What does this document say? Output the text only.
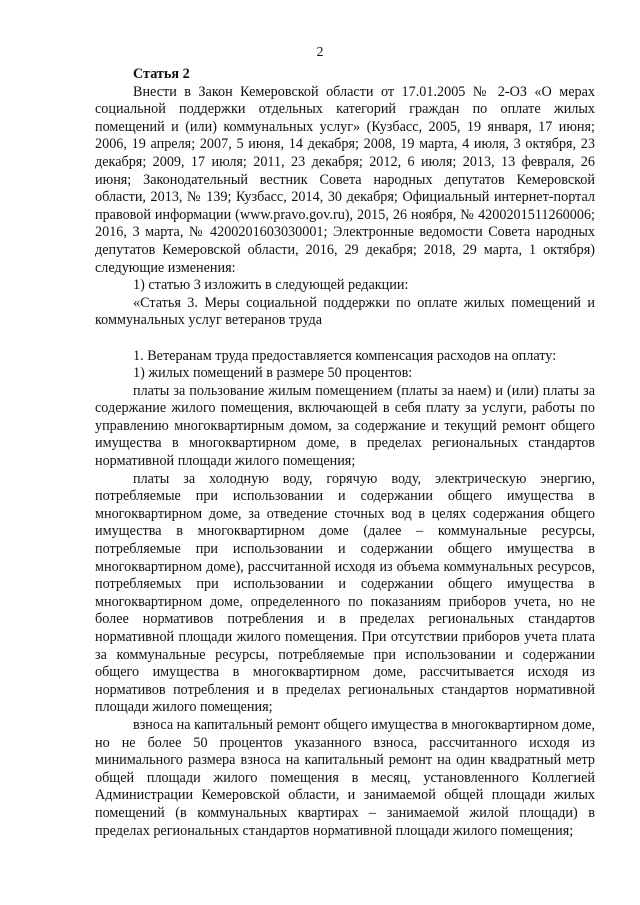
2
Статья 2

Внести в Закон Кемеровской области от 17.01.2005 № 2-ОЗ «О мерах социальной поддержки отдельных категорий граждан по оплате жилых помещений и (или) коммунальных услуг» (Кузбасс, 2005, 19 января, 17 июня; 2006, 19 апреля; 2007, 5 июня, 14 декабря; 2008, 19 марта, 4 июля, 3 октября, 23 декабря; 2009, 17 июля; 2011, 23 декабря; 2012, 6 июля; 2013, 13 февраля, 26 июня; Законодательный вестник Совета народных депутатов Кемеровской области, 2013, № 139; Кузбасс, 2014, 30 декабря; Официальный интернет-портал правовой информации (www.pravo.gov.ru), 2015, 26 ноября, № 4200201511260006; 2016, 3 марта, № 4200201603030001; Электронные ведомости Совета народных депутатов Кемеровской области, 2016, 29 декабря; 2018, 29 марта, 1 октября) следующие изменения:

1) статью 3 изложить в следующей редакции:

«Статья 3. Меры социальной поддержки по оплате жилых помещений и коммунальных услуг ветеранов труда

1. Ветеранам труда предоставляется компенсация расходов на оплату:

1) жилых помещений в размере 50 процентов:

платы за пользование жилым помещением (платы за наем) и (или) платы за содержание жилого помещения, включающей в себя плату за услуги, работы по управлению многоквартирным домом, за содержание и текущий ремонт общего имущества в многоквартирном доме, в пределах региональных стандартов нормативной площади жилого помещения;

платы за холодную воду, горячую воду, электрическую энергию, потребляемые при использовании и содержании общего имущества в многоквартирном доме, за отведение сточных вод в целях содержания общего имущества в многоквартирном доме (далее – коммунальные ресурсы, потребляемые при использовании и содержании общего имущества в многоквартирном доме), рассчитанной исходя из объема коммунальных ресурсов, потребляемых при использовании и содержании общего имущества в многоквартирном доме, определенного по показаниям приборов учета, но не более нормативов потребления и в пределах региональных стандартов нормативной площади жилого помещения. При отсутствии приборов учета плата за коммунальные ресурсы, потребляемые при использовании и содержании общего имущества в многоквартирном доме, рассчитывается исходя из нормативов потребления и в пределах региональных стандартов нормативной площади жилого помещения;

взноса на капитальный ремонт общего имущества в многоквартирном доме, но не более 50 процентов указанного взноса, рассчитанного исходя из минимального размера взноса на капитальный ремонт на один квадратный метр общей площади жилого помещения в месяц, установленного Коллегией Администрации Кемеровской области, и занимаемой общей площади жилых помещений (в коммунальных квартирах – занимаемой жилой площади) в пределах региональных стандартов нормативной площади жилого помещения;
